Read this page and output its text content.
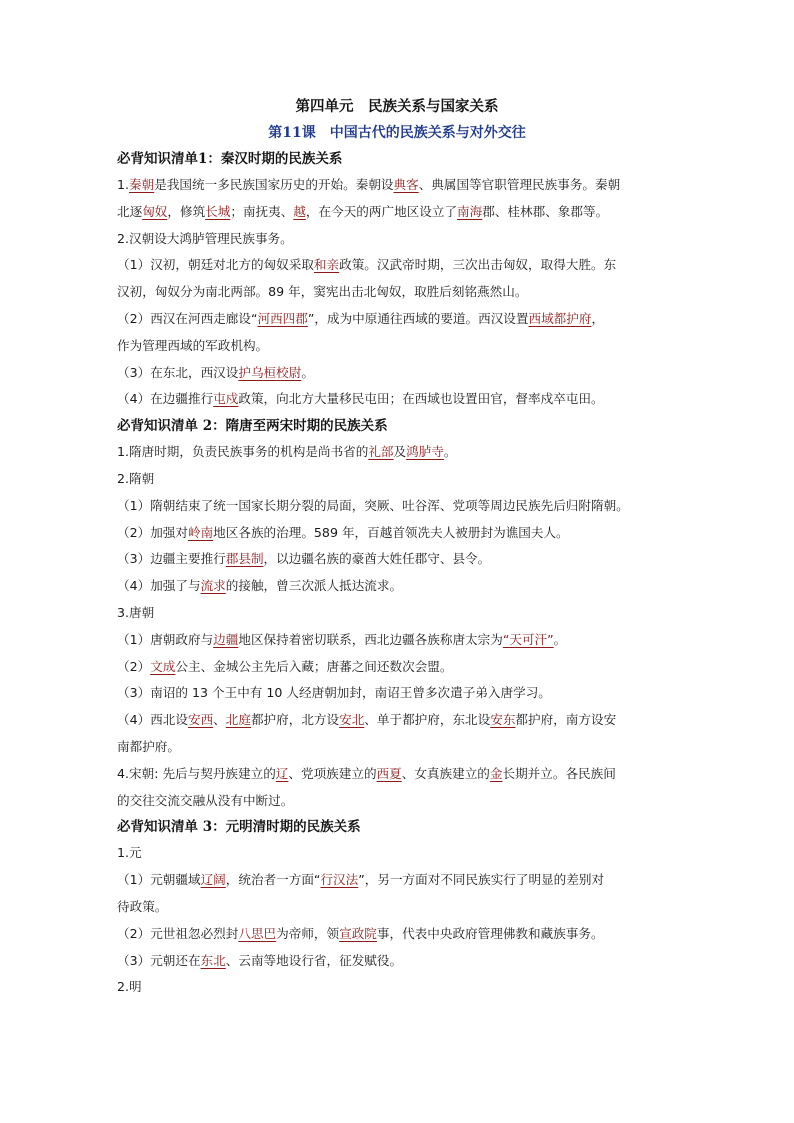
第四单元　民族关系与国家关系
第11课　中国古代的民族关系与对外交往
必背知识清单1：秦汉时期的民族关系
1.秦朝是我国统一多民族国家历史的开始。秦朝设典客、典属国等官职管理民族事务。秦朝
北逐匈奴，修筑长城；南抚夷、越，在今天的两广地区设立了南海郡、桂林郡、象郡等。
2.汉朝设大鸿胪管理民族事务。
（1）汉初，朝廷对北方的匈奴采取和亲政策。汉武帝时期，三次出击匈奴，取得大胜。东
汉初，匈奴分为南北两部。89 年，窦宪出击北匈奴，取胜后刻铭燕然山。
（2）西汉在河西走廊设“河西四郡”，成为中原通往西域的要道。西汉设置西域都护府，
作为管理西域的军政机构。
（3）在东北，西汉设护乌桓校尉。
（4）在边疆推行屯戍政策，向北方大量移民屯田；在西域也设置田官，督率戍卒屯田。
必背知识清单 2：隋唐至两宋时期的民族关系
1.隋唐时期，负责民族事务的机构是尚书省的礼部及鸿胪寺。
2.隋朝
（1）隋朝结束了统一国家长期分裂的局面，突厥、吐谷浑、党项等周边民族先后归附隋朝。
（2）加强对岭南地区各族的治理。589 年，百越首领冼夫人被册封为谯国夫人。
（3）边疆主要推行郡县制，以边疆名族的豪酋大姓任郡守、县令。
（4）加强了与流求的接触，曾三次派人抵达流求。
3.唐朝
（1）唐朝政府与边疆地区保持着密切联系，西北边疆各族称唐太宗为“天可汗”。
（2）文成公主、金城公主先后入藏；唐蕃之间还数次会盟。
（3）南诏的 13 个王中有 10 人经唐朝加封，南诏王曾多次遣子弟入唐学习。
（4）西北设安西、北庭都护府，北方设安北、单于都护府，东北设安东都护府，南方设安
南都护府。
4.宋朝: 先后与契丹族建立的辽、党项族建立的西夏、女真族建立的金长期并立。各民族间
的交往交流交融从没有中断过。
必背知识清单 3：元明清时期的民族关系
1.元
（1）元朝疆域辽阔，统治者一方面“行汉法”，另一方面对不同民族实行了明显的差别对
待政策。
（2）元世祖忽必烈封八思巴为帝师，领宣政院事，代表中央政府管理佛教和藏族事务。
（3）元朝还在东北、云南等地设行省，征发赋役。
2.明
